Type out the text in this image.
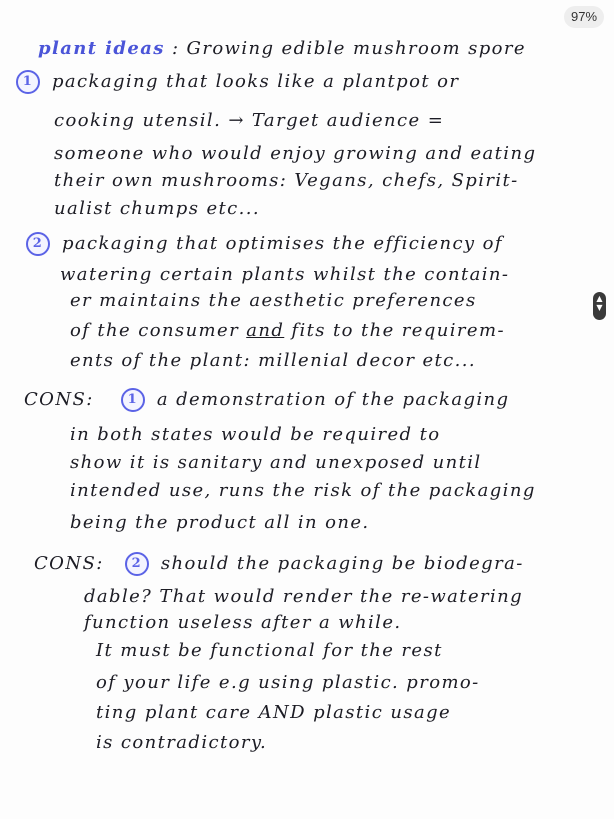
97%
▲
▼
plant ideas : Growing edible mushroom spore
1 packaging that looks like a plantpot or
cooking utensil. → Target audience =
someone who would enjoy growing and eating
their own mushrooms: Vegans, chefs, Spirit-
ualist chumps etc...
2 packaging that optimises the efficiency of
watering certain plants whilst the contain-
er maintains the aesthetic preferences
of the consumer and fits to the requirem-
ents of the plant: millenial decor etc...
CONS:	1 a demonstration of the packaging
in both states would be required to
show it is sanitary and unexposed until
intended use, runs the risk of the packaging
being the product all in one.
CONS: 2 should the packaging be biodegra-
dable? That would render the re-watering
function useless after a while.
It must be functional for the rest
of your life e.g using plastic. promo-
ting plant care AND plastic usage
is contradictory.
